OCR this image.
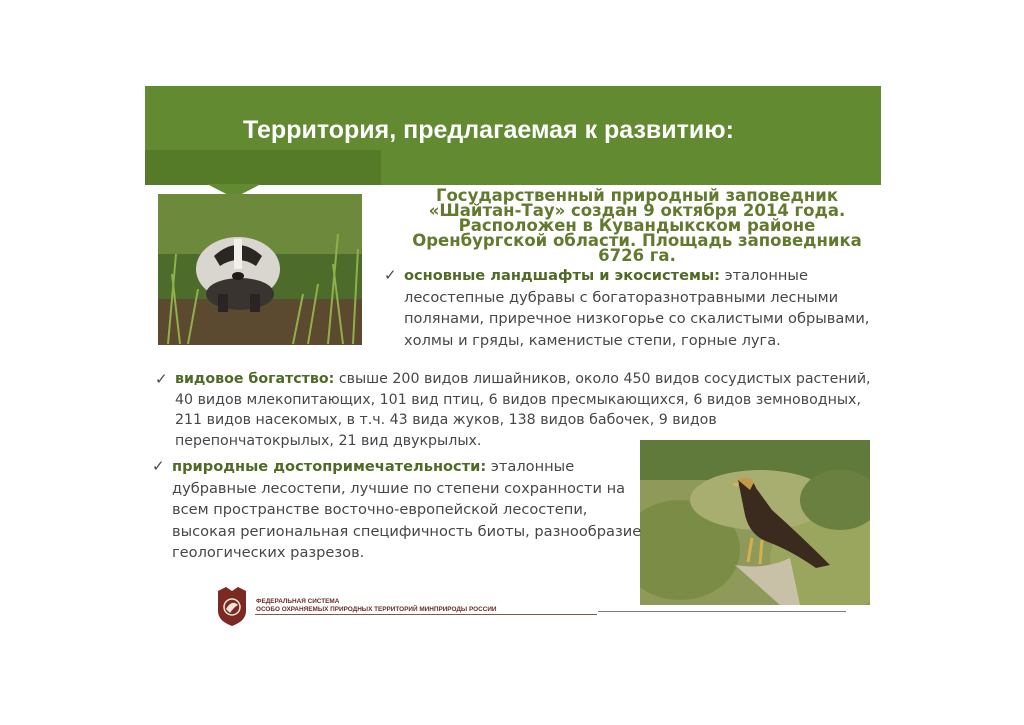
Территория, предлагаемая к развитию:
Государственный природный заповедник «Шайтан-Тау» создан 9 октября 2014 года. Расположен в Кувандыкском районе Оренбургской области. Площадь заповедника 6726 га.
✓ основные ландшафты и экосистемы: эталонные лесостепные дубравы с богаторазнотравными лесными полянами, приречное низкогорье со скалистыми обрывами, холмы и гряды, каменистые степи, горные луга.
✓ видовое богатство: свыше 200 видов лишайников, около 450 видов сосудистых растений, 40 видов млекопитающих, 101 вид птиц, 6 видов пресмыкающихся, 6 видов земноводных, 211 видов насекомых, в т.ч. 43 вида жуков, 138 видов бабочек, 9 видов перепончатокрылых, 21 вид двукрылых.
✓ природные достопримечательности: эталонные дубравные лесостепи, лучшие по степени сохранности на всем пространстве восточно-европейской лесостепи, высокая региональная специфичность биоты, разнообразие геологических разрезов.
ФЕДЕРАЛЬНАЯ СИСТЕМА
ОСОБО ОХРАНЯЕМЫХ ПРИРОДНЫХ ТЕРРИТОРИЙ МИНПРИРОДЫ РОССИИ
